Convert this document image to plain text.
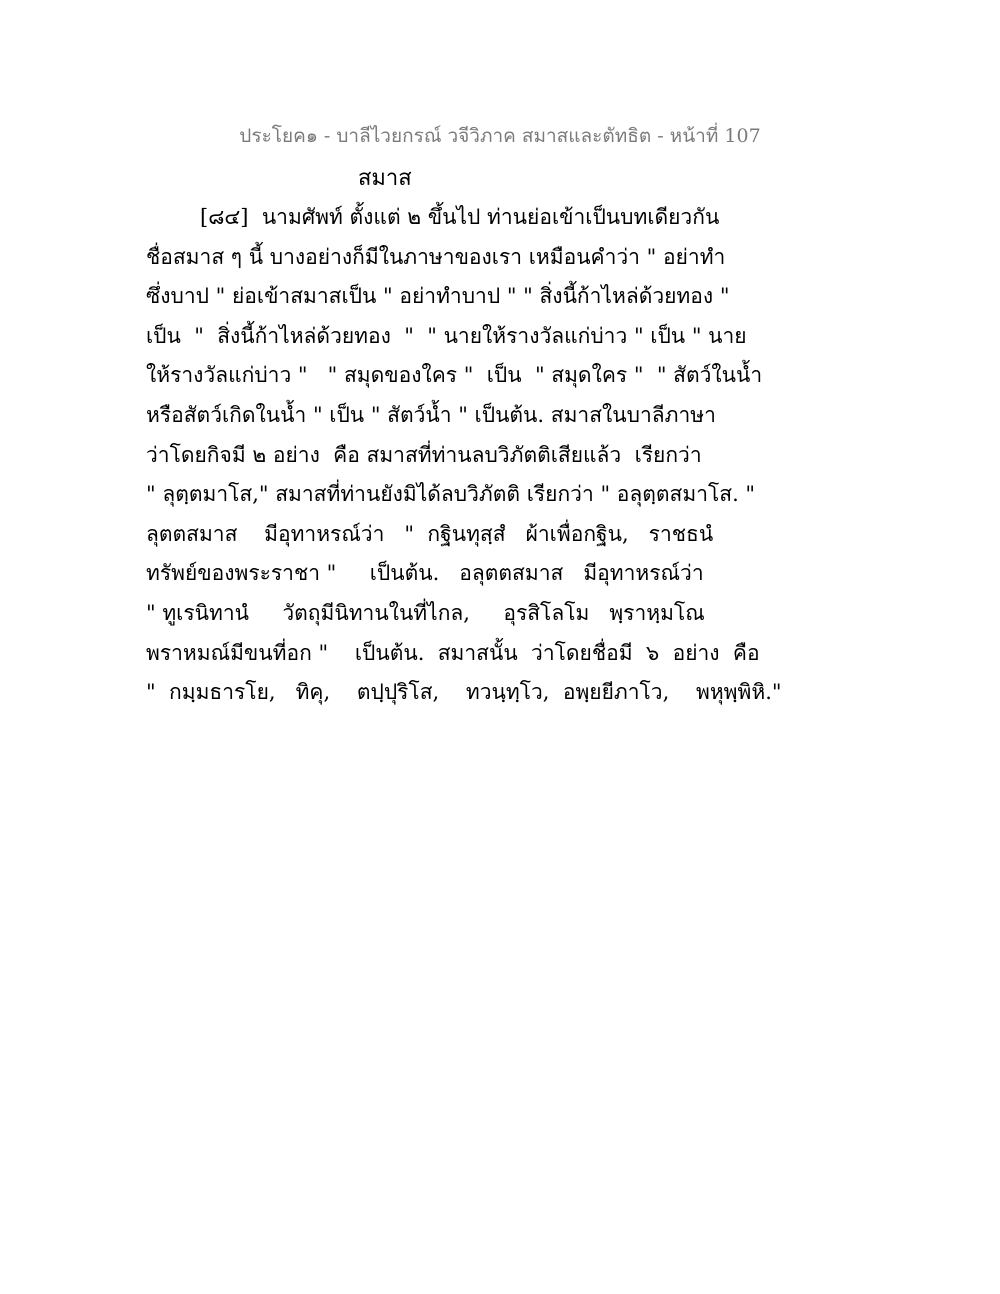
ประโยค๑ - บาลีไวยกรณ์ วจีวิภาค สมาสและตัทธิต - หน้าที่ 107
สมาส
[๘๔]  นามศัพท์ ตั้งแต่ ๒ ขึ้นไป ท่านย่อเข้าเป็นบทเดียวกัน
ชื่อสมาส ๆ นี้ บางอย่างก็มีในภาษาของเรา เหมือนคำว่า " อย่าทำ
ซึ่งบาป " ย่อเข้าสมาสเป็น " อย่าทำบาป " " สิ่งนี้ก้าไหล่ด้วยทอง "
เป็น  "  สิ่งนี้ก้าไหล่ด้วยทอง  "  " นายให้รางวัลแก่บ่าว " เป็น " นาย
ให้รางวัลแก่บ่าว "   " สมุดของใคร "  เป็น  " สมุดใคร "  " สัตว์ในน้ำ
หรือสัตว์เกิดในน้ำ " เป็น " สัตว์น้ำ " เป็นต้น. สมาสในบาลีภาษา
ว่าโดยกิจมี ๒ อย่าง  คือ สมาสที่ท่านลบวิภัตติเสียแล้ว  เรียกว่า
" ลุตฺตมาโส," สมาสที่ท่านยังมิได้ลบวิภัตติ เรียกว่า " อลุตฺตสมาโส. "
ลุตตสมาส    มีอุทาหรณ์ว่า   "  กฐินทุสฺสํ   ผ้าเพื่อกฐิน,   ราชธนํ
ทรัพย์ของพระราชา "     เป็นต้น.   อลุตตสมาส   มีอุทาหรณ์ว่า
" ทูเรนิทานํ     วัตถุมีนิทานในที่ไกล,     อุรสิโลโม   พฺราหฺมโณ
พราหมณ์มีขนที่อก "    เป็นต้น.  สมาสนั้น  ว่าโดยชื่อมี  ๖  อย่าง  คือ
"  กมฺมธารโย,   ทิคุ,    ตปฺปุริโส,    ทวนฺทฺโว,  อพฺยยีภาโว,    พหุพฺพิหิ."
